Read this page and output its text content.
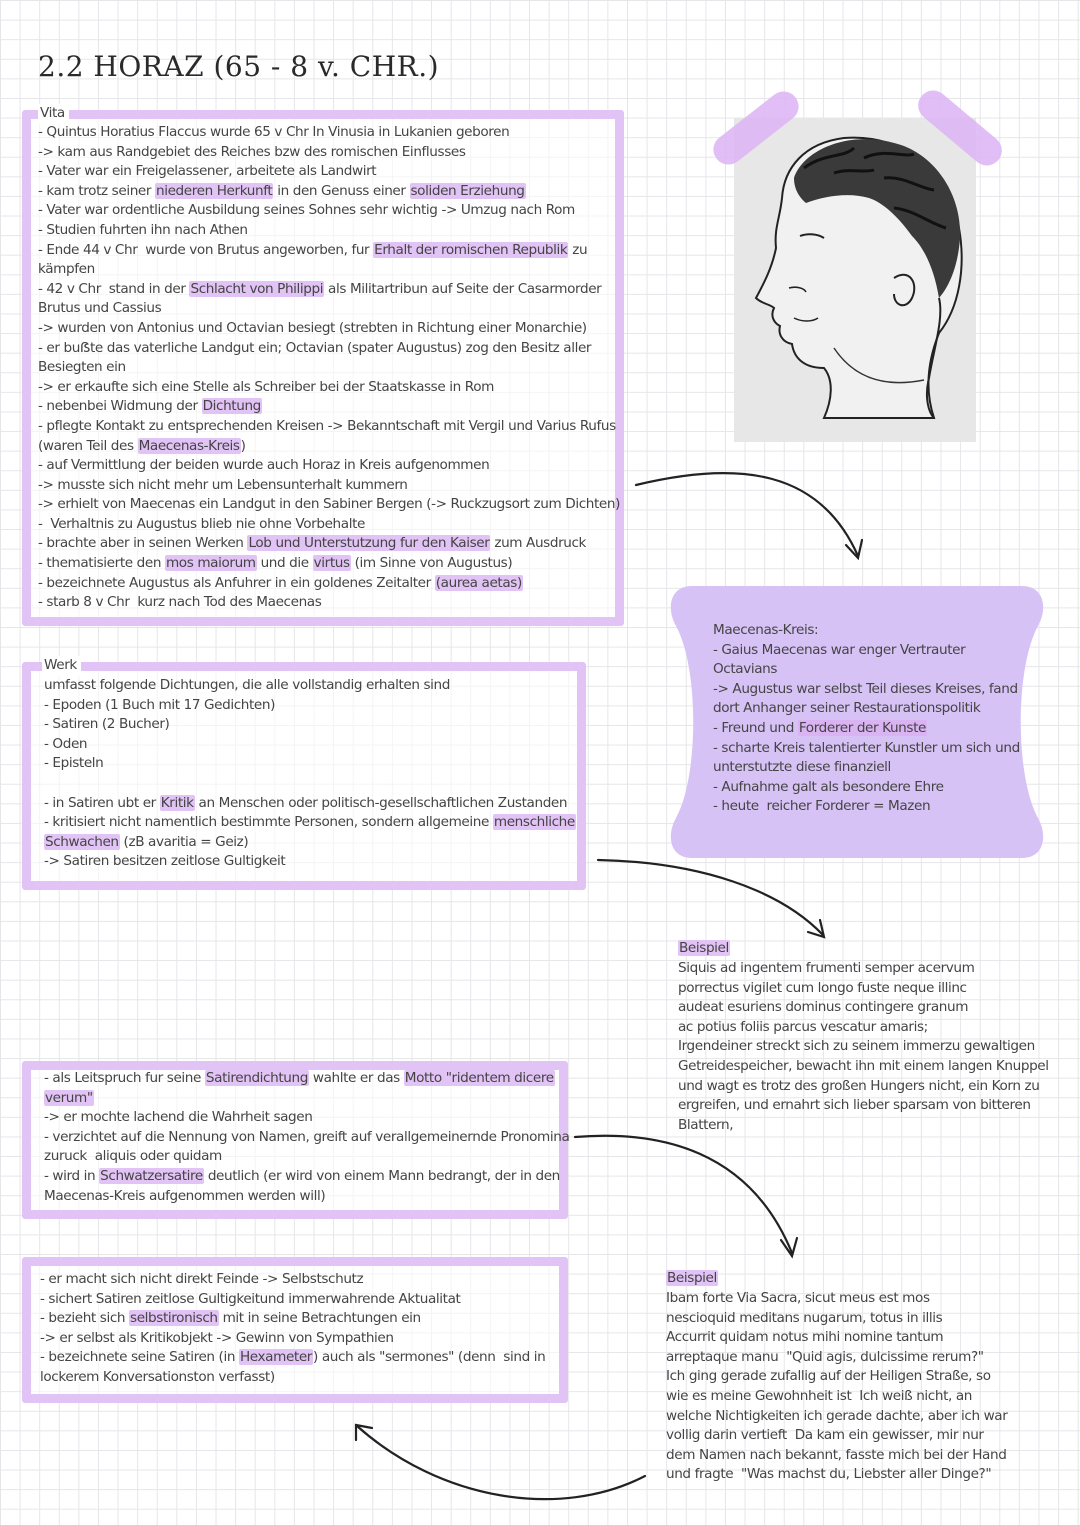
2.2 HORAZ (65 - 8 v. CHR.)
Vita
- Quintus Horatius Flaccus wurde 65 v Chr In Vinusia in Lukanien geboren
-> kam aus Randgebiet des Reiches bzw des romischen Einflusses
- Vater war ein Freigelassener, arbeitete als Landwirt
- kam trotz seiner niederen Herkunft in den Genuss einer soliden Erziehung
- Vater war ordentliche Ausbildung seines Sohnes sehr wichtig -> Umzug nach Rom
- Studien fuhrten ihn nach Athen
- Ende 44 v Chr  wurde von Brutus angeworben, fur Erhalt der romischen Republik zu
kämpfen
- 42 v Chr  stand in der Schlacht von Philippi als Militartribun auf Seite der Casarmorder
Brutus und Cassius
-> wurden von Antonius und Octavian besiegt (strebten in Richtung einer Monarchie)
- er buẞte das vaterliche Landgut ein; Octavian (spater Augustus) zog den Besitz aller
Besiegten ein
-> er erkaufte sich eine Stelle als Schreiber bei der Staatskasse in Rom
- nebenbei Widmung der Dichtung
- pflegte Kontakt zu entsprechenden Kreisen -> Bekanntschaft mit Vergil und Varius Rufus
(waren Teil des Maecenas-Kreis)
- auf Vermittlung der beiden wurde auch Horaz in Kreis aufgenommen
-> musste sich nicht mehr um Lebensunterhalt kummern
-> erhielt von Maecenas ein Landgut in den Sabiner Bergen (-> Ruckzugsort zum Dichten)
-  Verhaltnis zu Augustus blieb nie ohne Vorbehalte
- brachte aber in seinen Werken Lob und Unterstutzung fur den Kaiser zum Ausdruck
- thematisierte den mos maiorum und die virtus (im Sinne von Augustus)
- bezeichnete Augustus als Anfuhrer in ein goldenes Zeitalter (aurea aetas)
- starb 8 v Chr  kurz nach Tod des Maecenas
Werk
umfasst folgende Dichtungen, die alle vollstandig erhalten sind
- Epoden (1 Buch mit 17 Gedichten)
- Satiren (2 Bucher)
- Oden
- Episteln
- in Satiren ubt er Kritik an Menschen oder politisch-gesellschaftlichen Zustanden
- kritisiert nicht namentlich bestimmte Personen, sondern allgemeine menschliche
Schwachen (zB avaritia = Geiz)
-> Satiren besitzen zeitlose Gultigkeit
- als Leitspruch fur seine Satirendichtung wahlte er das Motto "ridentem dicere
verum"
-> er mochte lachend die Wahrheit sagen
- verzichtet auf die Nennung von Namen, greift auf verallgemeinernde Pronomina
zuruck  aliquis oder quidam
- wird in Schwatzersatire deutlich (er wird von einem Mann bedrangt, der in den
Maecenas-Kreis aufgenommen werden will)
- er macht sich nicht direkt Feinde -> Selbstschutz
- sichert Satiren zeitlose Gultigkeitund immerwahrende Aktualitat
- bezieht sich selbstironisch mit in seine Betrachtungen ein
-> er selbst als Kritikobjekt -> Gewinn von Sympathien
- bezeichnete seine Satiren (in Hexameter) auch als "sermones" (denn  sind in
lockerem Konversationston verfasst)
Maecenas-Kreis:
- Gaius Maecenas war enger Vertrauter
Octavians
-> Augustus war selbst Teil dieses Kreises, fand
dort Anhanger seiner Restaurationspolitik
- Freund und Forderer der Kunste
- scharte Kreis talentierter Kunstler um sich und
unterstutzte diese finanziell
- Aufnahme galt als besondere Ehre
- heute  reicher Forderer = Mazen
Beispiel
Siquis ad ingentem frumenti semper acervum
porrectus vigilet cum longo fuste neque illinc
audeat esuriens dominus contingere granum
ac potius foliis parcus vescatur amaris;
Irgendeiner streckt sich zu seinem immerzu gewaltigen
Getreidespeicher, bewacht ihn mit einem langen Knuppel
und wagt es trotz des großen Hungers nicht, ein Korn zu
ergreifen, und ernahrt sich lieber sparsam von bitteren
Blattern,
Beispiel
Ibam forte Via Sacra, sicut meus est mos
nescioquid meditans nugarum, totus in illis
Accurrit quidam notus mihi nomine tantum
arreptaque manu  "Quid agis, dulcissime rerum?"
Ich ging gerade zufallig auf der Heiligen Straße, so
wie es meine Gewohnheit ist  Ich weiß nicht, an
welche Nichtigkeiten ich gerade dachte, aber ich war
vollig darin vertieft  Da kam ein gewisser, mir nur
dem Namen nach bekannt, fasste mich bei der Hand
und fragte  "Was machst du, Liebster aller Dinge?"
